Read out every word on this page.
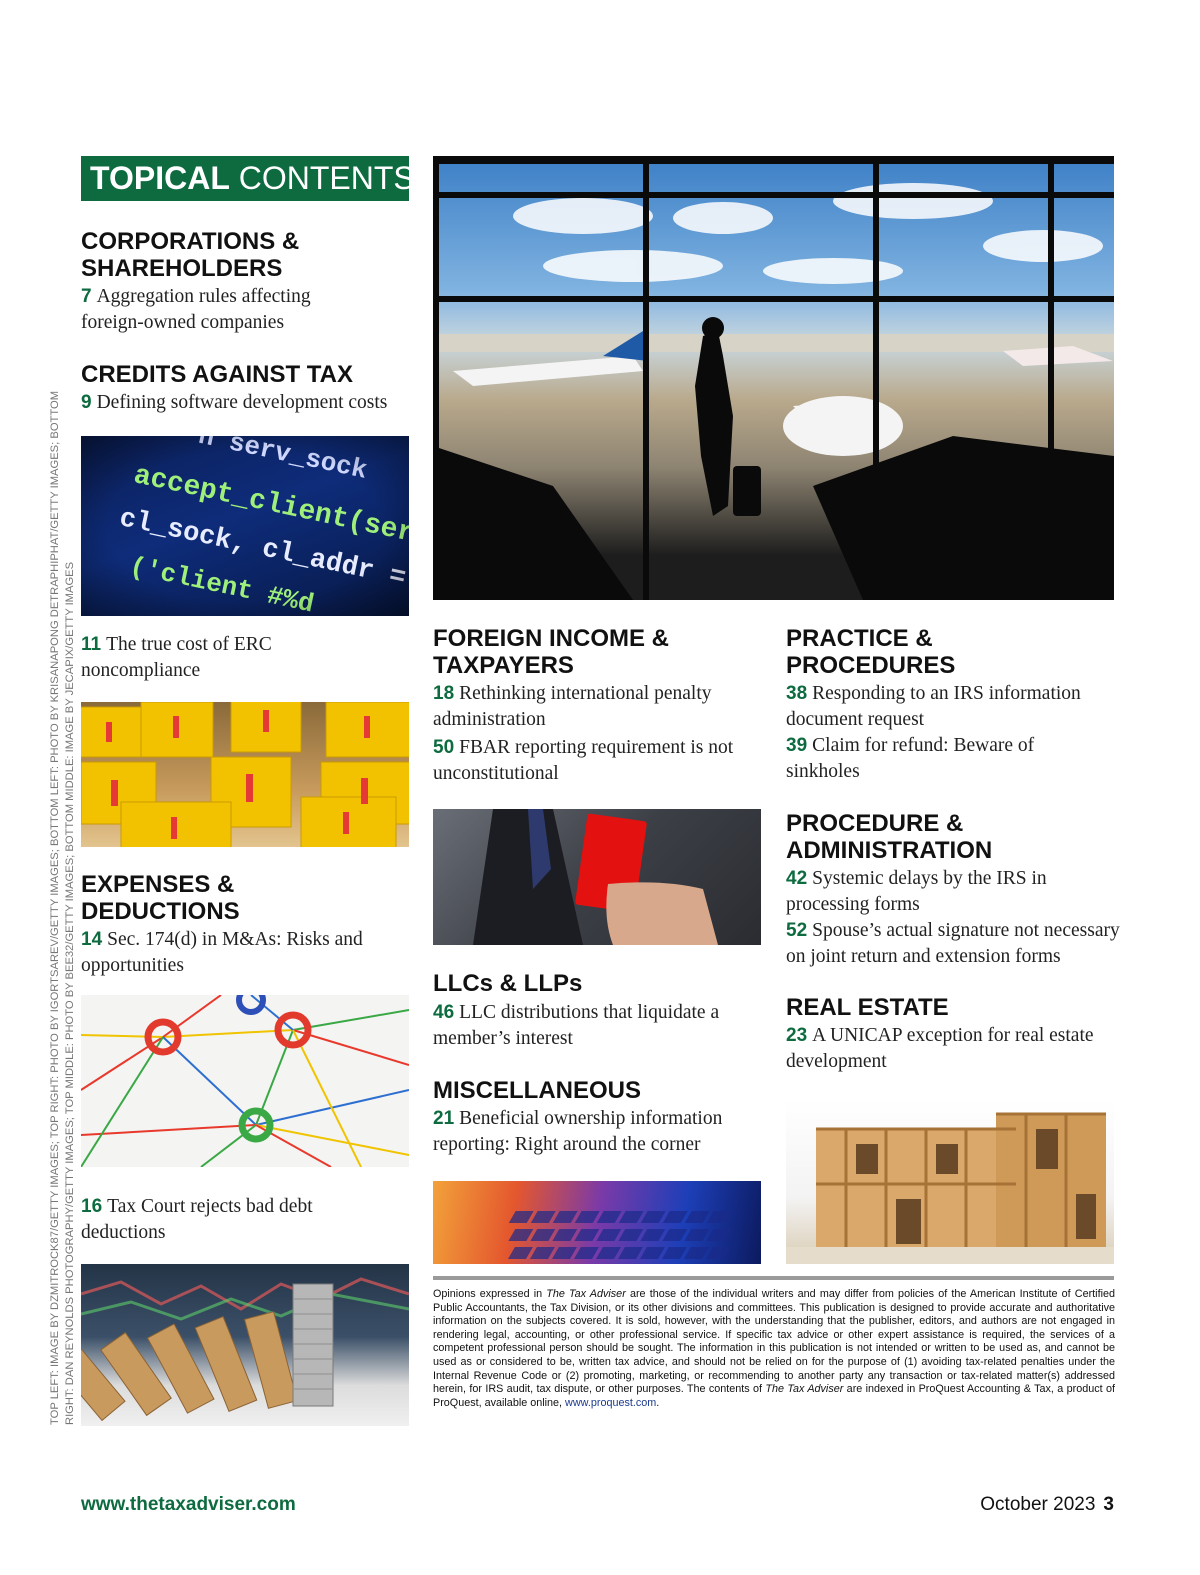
TOPICAL CONTENTS
CORPORATIONS &
SHAREHOLDERS
7 Aggregation rules affecting
foreign-owned companies
CREDITS AGAINST TAX
9 Defining software development costs
11 The true cost of ERC
noncompliance
EXPENSES &
DEDUCTIONS
14 Sec. 174(d) in M&As: Risks and
opportunities
16 Tax Court rejects bad debt
deductions
FOREIGN INCOME &
TAXPAYERS
18 Rethinking international penalty
administration
50 FBAR reporting requirement is not
unconstitutional
LLCs & LLPs
46 LLC distributions that liquidate a
member’s interest
MISCELLANEOUS
21 Beneficial ownership information
reporting: Right around the corner
PRACTICE &
PROCEDURES
38 Responding to an IRS information
document request
39 Claim for refund: Beware of
sinkholes
PROCEDURE &
ADMINISTRATION
42 Systemic delays by the IRS in
processing forms
52 Spouse’s actual signature not necessary
on joint return and extension forms
REAL ESTATE
23 A UNICAP exception for real estate
development
Opinions expressed in The Tax Adviser are those of the individual writers and may differ from policies of the American Institute of Certified Public Accountants, the Tax Division, or its other divisions and committees. This publication is designed to provide accurate and authoritative information on the subjects covered. It is sold, however, with the understanding that the publisher, editors, and authors are not engaged in rendering legal, accounting, or other professional service. If specific tax advice or other expert assistance is required, the services of a competent professional person should be sought. The information in this publication is not intended or written to be used as, and cannot be used as or considered to be, written tax advice, and should not be relied on for the purpose of (1) avoiding tax-related penalties under the Internal Revenue Code or (2) promoting, marketing, or recommending to another party any transaction or tax-related matter(s) addressed herein, for IRS audit, tax dispute, or other purposes. The contents of The Tax Adviser are indexed in ProQuest Accounting & Tax, a product of ProQuest, available online, www.proquest.com.
TOP LEFT: IMAGE BY DZMITROCK87/GETTY IMAGES; TOP RIGHT: PHOTO BY IGORTSAREV/GETTY IMAGES; BOTTOM LEFT: PHOTO BY KRISANAPONG DETRAPHIPHAT/GETTY IMAGES; BOTTOM RIGHT: DAN REYNOLDS PHOTOGRAPHY/GETTY IMAGES; TOP MIDDLE: PHOTO BY BEE32/GETTY IMAGES; BOTTOM MIDDLE: IMAGE BY JECAPIX/GETTY IMAGES
www.thetaxadviser.com	October 2023 3
